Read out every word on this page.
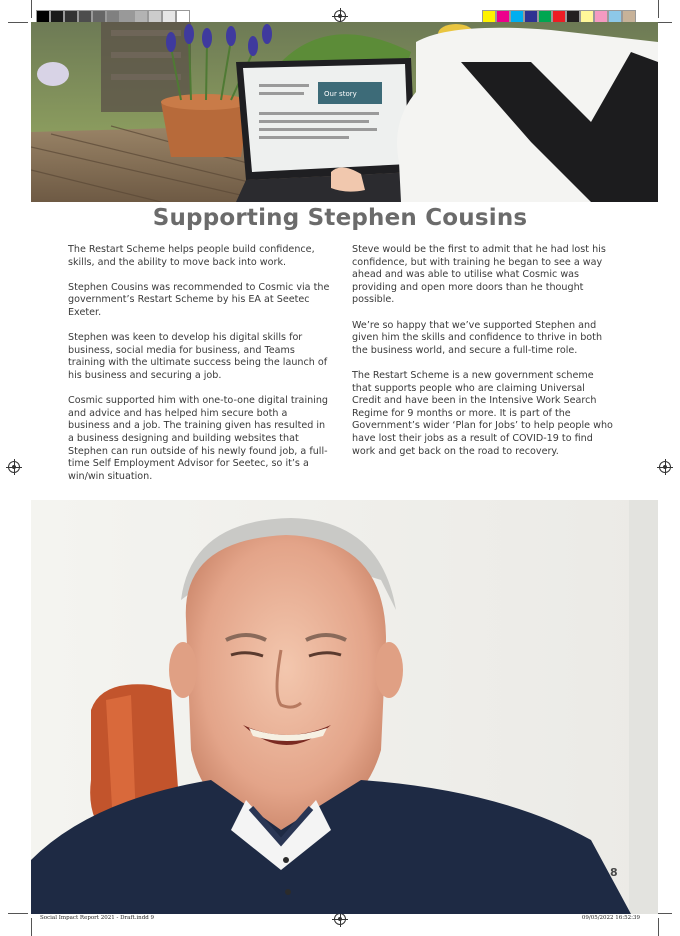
Our story
Supporting Stephen Cousins

The Restart Scheme helps people build confidence, skills, and the ability to move back into work.

Stephen Cousins was recommended to Cosmic via the government’s Restart Scheme by his EA at Seetec Exeter.

Stephen was keen to develop his digital skills for business, social media for business, and Teams training with the ultimate success being the launch of his business and securing a job.

Cosmic supported him with one-to-one digital training and advice and has helped him secure both a business and a job. The training given has resulted in a business designing and building websites that Stephen can run outside of his newly found job, a full-time Self Employment Advisor for Seetec, so it’s a win/win situation.

Steve would be the first to admit that he had lost his confidence, but with training he began to see a way ahead and was able to utilise what Cosmic was providing and open more doors than he thought possible.

We’re so happy that we’ve supported Stephen and given him the skills and confidence to thrive in both the business world, and secure a full-time role.

The Restart Scheme is a new government scheme that supports people who are claiming Universal Credit and have been in the Intensive Work Search Regime for 9 months or more. It is part of the Government’s wider ‘Plan for Jobs’ to help people who have lost their jobs as a result of COVID-19 to find work and get back on the road to recovery.

8
Social Impact Report 2021 - Draft.indd 9	09/05/2022 16:52:39
